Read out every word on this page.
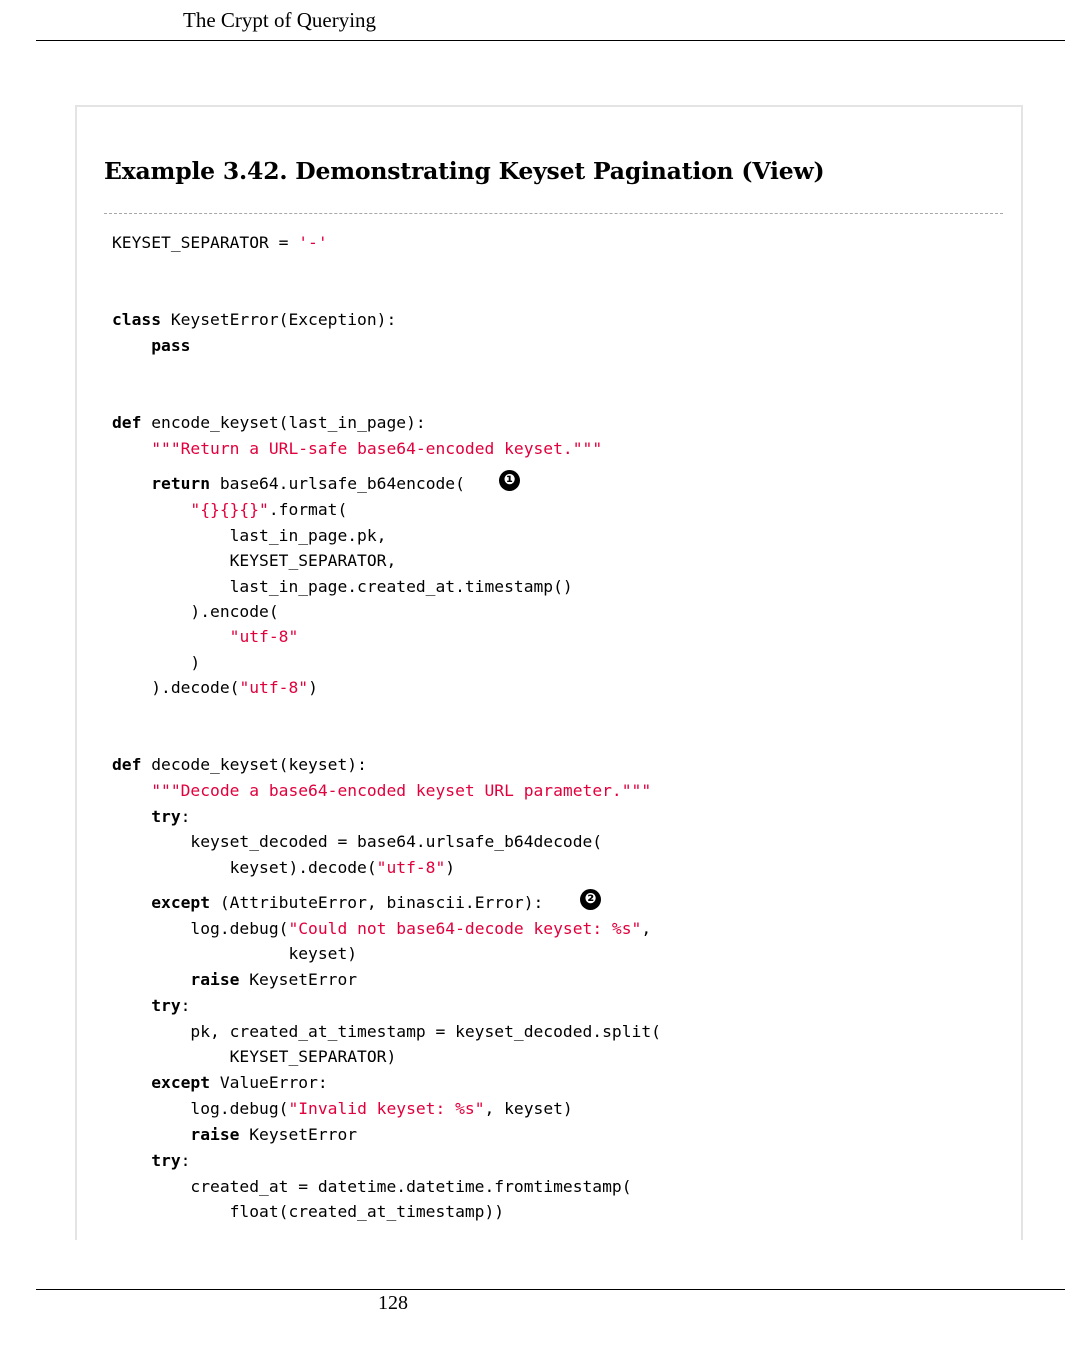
The Crypt of Querying
Example 3.42. Demonstrating Keyset Pagination (View)
KEYSET_SEPARATOR = '-'
class KeysetError(Exception):
pass
def encode_keyset(last_in_page):
"""Return a URL-safe base64-encoded keyset."""
return base64.urlsafe_b64encode(
"{}{}{}".format(
last_in_page.pk,
KEYSET_SEPARATOR,
last_in_page.created_at.timestamp()
).encode(
"utf-8"
)
).decode("utf-8")
def decode_keyset(keyset):
"""Decode a base64-encoded keyset URL parameter."""
try:
keyset_decoded = base64.urlsafe_b64decode(
keyset).decode("utf-8")
except (AttributeError, binascii.Error):
log.debug("Could not base64-decode keyset: %s",
keyset)
raise KeysetError
try:
pk, created_at_timestamp = keyset_decoded.split(
KEYSET_SEPARATOR)
except ValueError:
log.debug("Invalid keyset: %s", keyset)
raise KeysetError
try:
created_at = datetime.datetime.fromtimestamp(
float(created_at_timestamp))
❶
❷
128
